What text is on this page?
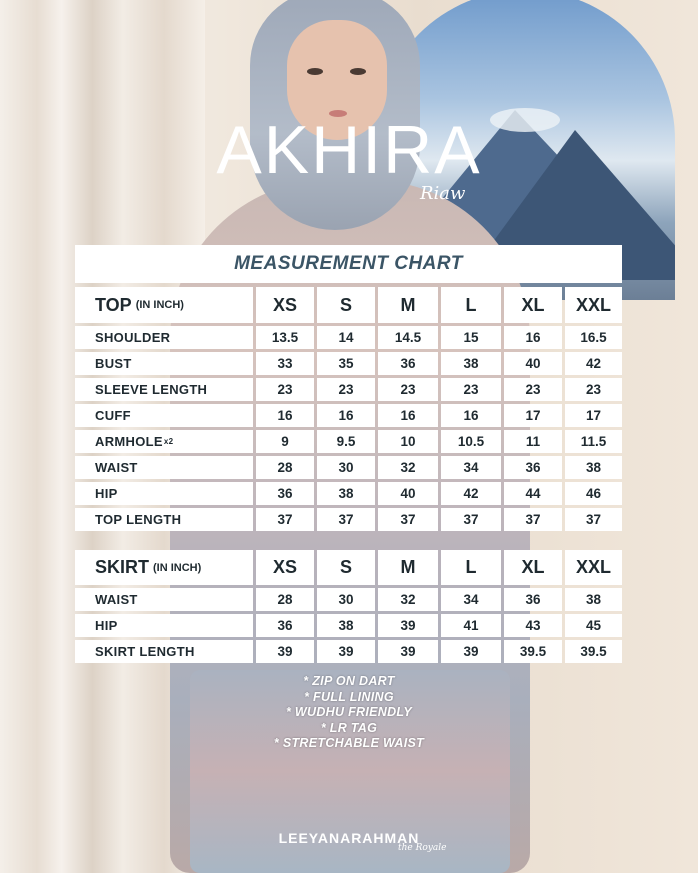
AKHIRA
Riaw
MEASUREMENT CHART
TOP (IN INCH)	XS	S	M	L	XL	XXL
SHOULDER	13.5	14	14.5	15	16	16.5
BUST	33	35	36	38	40	42
SLEEVE LENGTH	23	23	23	23	23	23
CUFF	16	16	16	16	17	17
ARMHOLE x2	9	9.5	10	10.5	11	11.5
WAIST	28	30	32	34	36	38
HIP	36	38	40	42	44	46
TOP LENGTH	37	37	37	37	37	37
SKIRT (IN INCH)	XS	S	M	L	XL	XXL
WAIST	28	30	32	34	36	38
HIP	36	38	39	41	43	45
SKIRT LENGTH	39	39	39	39	39.5	39.5
* ZIP ON DART
* FULL LINING
* WUDHU FRIENDLY
* LR TAG
* STRETCHABLE WAIST
LEEYANARAHMAN
the Royale
